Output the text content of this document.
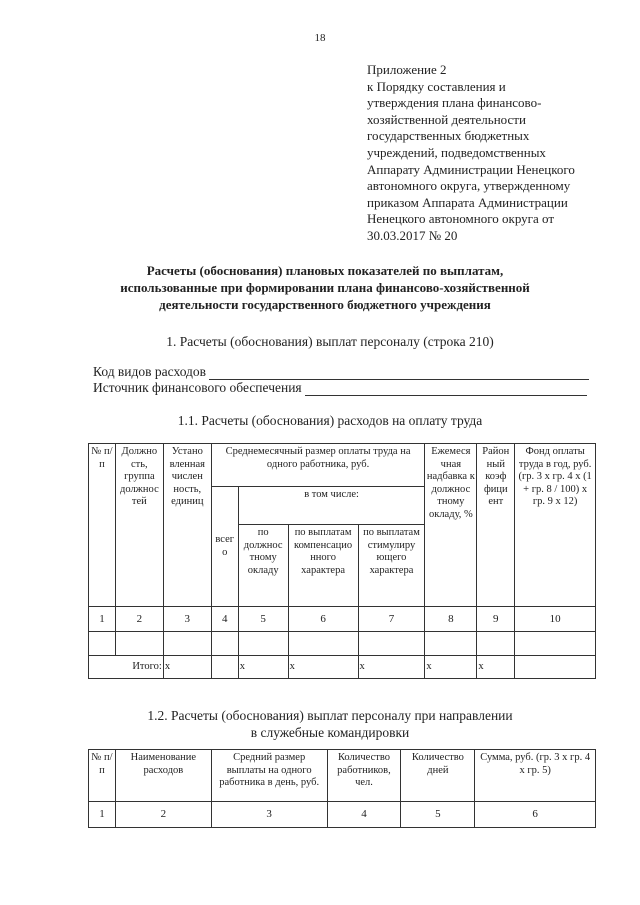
18
Приложение 2
к Порядку составления и
утверждения плана финансово-
хозяйственной деятельности
государственных бюджетных
учреждений, подведомственных
Аппарату Администрации Ненецкого
автономного округа, утвержденному
приказом Аппарата Администрации
Ненецкого автономного округа от
30.03.2017 № 20
Расчеты (обоснования) плановых показателей по выплатам,
использованные при формировании плана финансово-хозяйственной
деятельности государственного бюджетного учреждения
1. Расчеты (обоснования) выплат персоналу (строка 210)
Код видов расходов
Источник финансового обеспечения
1.1. Расчеты (обоснования) расходов на оплату труда
№ п/п	Должно сть, группа должнос тей	Устано вленная числен ность, единиц	Среднемесячный размер оплаты труда на одного работника, руб.				Ежемеся чная надбавка к должнос тному окладу, %	Район ный коэф фици ент	Фонд оплаты труда в год, руб. (гр. 3 х гр. 4 х (1 + гр. 8 / 100) х гр. 9 х 12)
			всег о	в том числе:					
				по должнос тному окладу	по выплатам компенсацио нного характера	по выплатам стимулиру ющего характера			
1	2	3	4	5	6	7	8	9	10

Итого:		х		х	х	х	х	х	
1.2. Расчеты (обоснования) выплат персоналу при направлении
в служебные командировки
№ п/п	Наименование расходов	Средний размер выплаты на одного работника в день, руб.	Количество работников, чел.	Количество дней	Сумма, руб. (гр. 3 х гр. 4 х гр. 5)
1	2	3	4	5	6
